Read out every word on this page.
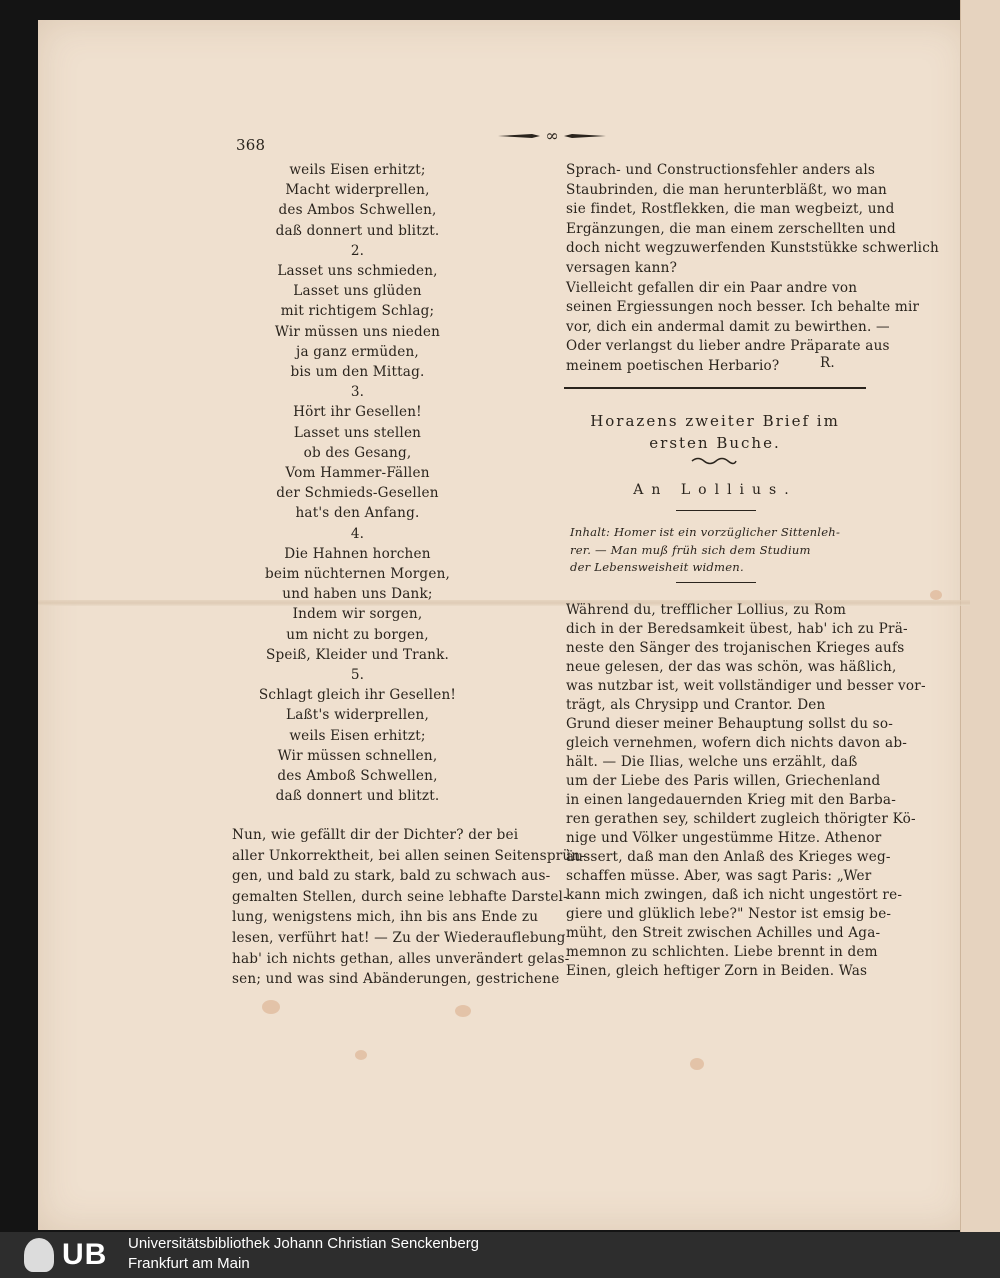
368	∞
weils Eisen erhitzt;
Macht widerprellen,
des Ambos Schwellen,
daß donnert und blitzt.
2.
Lasset uns schmieden,
Lasset uns glüden
mit richtigem Schlag;
Wir müssen uns nieden
ja ganz ermüden,
bis um den Mittag.
3.
Hört ihr Gesellen!
Lasset uns stellen
ob des Gesang,
Vom Hammer-Fällen
der Schmieds-Gesellen
hat's den Anfang.
4.
Die Hahnen horchen
beim nüchternen Morgen,
und haben uns Dank;
Indem wir sorgen,
um nicht zu borgen,
Speiß, Kleider und Trank.
5.
Schlagt gleich ihr Gesellen!
Laßt's widerprellen,
weils Eisen erhitzt;
Wir müssen schnellen,
des Amboß Schwellen,
daß donnert und blitzt.
Nun, wie gefällt dir der Dichter? der bei
aller Unkorrektheit, bei allen seinen Seitensprün-
gen, und bald zu stark, bald zu schwach aus-
gemalten Stellen, durch seine lebhafte Darstel-
lung, wenigstens mich, ihn bis ans Ende zu
lesen, verführt hat! — Zu der Wiederauflebung
hab' ich nichts gethan, alles unverändert gelas-
sen; und was sind Abänderungen, gestrichene
Sprach- und Constructionsfehler anders als
Staubrinden, die man herunterbläßt, wo man
sie findet, Rostflekken, die man wegbeizt, und
Ergänzungen, die man einem zerschellten und
doch nicht wegzuwerfenden Kunststükke schwerlich
versagen kann?
Vielleicht gefallen dir ein Paar andre von
seinen Ergiessungen noch besser. Ich behalte mir
vor, dich ein andermal damit zu bewirthen. —
Oder verlangst du lieber andre Präparate aus
meinem poetischen Herbario?	R.
Horazens zweiter Brief im
ersten Buche.
An Lollius.
Inhalt: Homer ist ein vorzüglicher Sittenleh-
rer. — Man muß früh sich dem Studium
der Lebensweisheit widmen.
Während du, trefflicher Lollius, zu Rom
dich in der Beredsamkeit übest, hab' ich zu Prä-
neste den Sänger des trojanischen Krieges aufs
neue gelesen, der das was schön, was häßlich,
was nutzbar ist, weit vollständiger und besser vor-
trägt, als Chrysipp und Crantor. Den
Grund dieser meiner Behauptung sollst du so-
gleich vernehmen, wofern dich nichts davon ab-
hält. — Die Ilias, welche uns erzählt, daß
um der Liebe des Paris willen, Griechenland
in einen langedauernden Krieg mit den Barba-
ren gerathen sey, schildert zugleich thörigter Kö-
nige und Völker ungestümme Hitze. Athenor
äussert, daß man den Anlaß des Krieges weg-
schaffen müsse. Aber, was sagt Paris: „Wer
kann mich zwingen, daß ich nicht ungestört re-
giere und glüklich lebe?" Nestor ist emsig be-
müht, den Streit zwischen Achilles und Aga-
memnon zu schlichten. Liebe brennt in dem
Einen, gleich heftiger Zorn in Beiden. Was
UB Universitätsbibliothek Johann Christian Senckenberg
Frankfurt am Main
